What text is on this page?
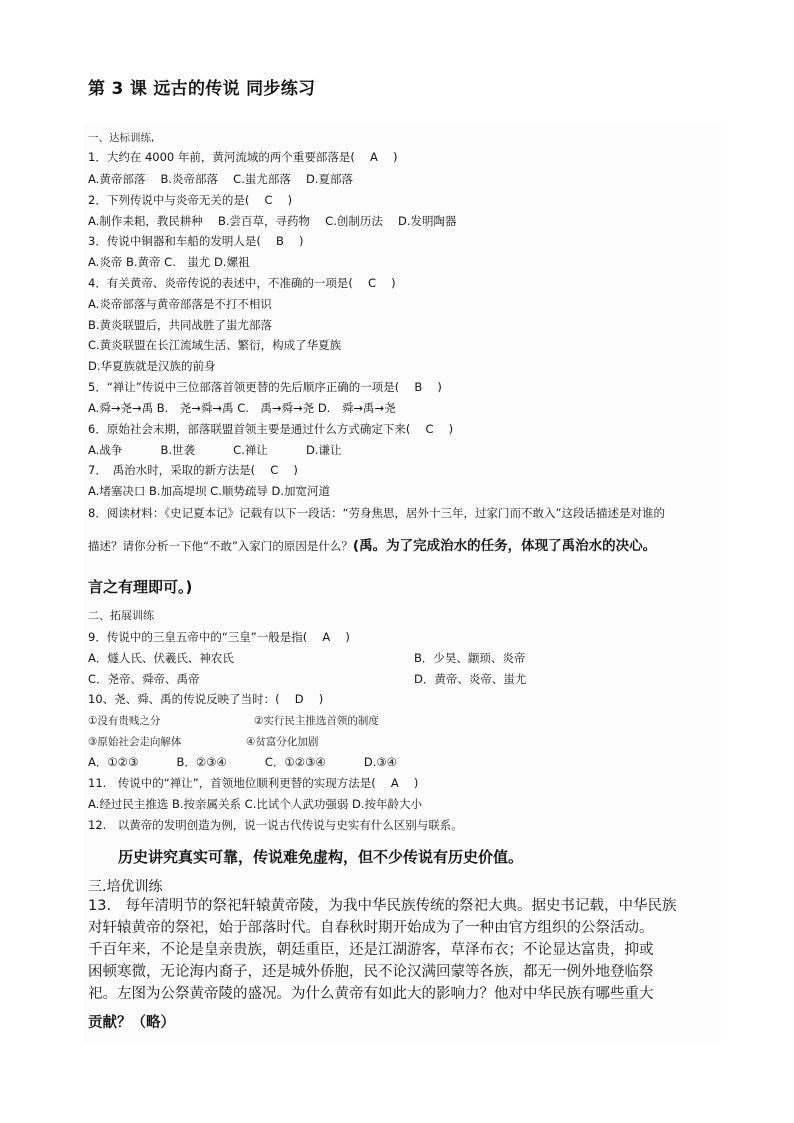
第 3 课 远古的传说 同步练习
一、达标训练,
1．大约在 4000 年前，黄河流域的两个重要部落是(　 A 　)
A.黄帝部落　 B.炎帝部落　 C.蚩尤部落　 D.夏部落
2．下列传说中与炎帝无关的是(　 C 　)
A.制作耒耜，教民耕种　 B.尝百草，寻药物　 C.创制历法　 D.发明陶器
3．传说中铜器和车船的发明人是(　 B 　)
A.炎帝 B.黄帝 C.　蚩尤 D.嫘祖
4．有关黄帝、炎帝传说的表述中，不准确的一项是(　 C 　)
A.炎帝部落与黄帝部落是不打不相识
B.黄炎联盟后，共同战胜了蚩尤部落
C.黄炎联盟在长江流域生活、繁衍，构成了华夏族
D.华夏族就是汉族的前身
5．“禅让”传说中三位部落首领更替的先后顺序正确的一项是(　 B 　)
A.舜→尧→禹 B.　尧→舜→禹 C.　禹→舜→尧 D.　舜→禹→尧
6．原始社会末期，部落联盟首领主要是通过什么方式确定下来(　 C 　)
A.战争　　　 B.世袭　　　 C.禅让　　　 D.谦让
7．　禹治水时，采取的新方法是(　 C 　)
A.堵塞决口 B.加高堤坝 C.顺势疏导 D.加宽河道
8．阅读材料：《史记夏本记》记载有以下一段话：“劳身焦思，居外十三年，过家门而不敢入”这段话描述是对谁的
描述？请你分析一下他“不敢”入家门的原因是什么？(禹。为了完成治水的任务，体现了禹治水的决心。
言之有理即可。)
二、拓展训练
9．传说中的三皇五帝中的“三皇”一般是指(　 A 　)
A．燧人氏、伏羲氏、神农氏	B．少昊、颛顼、炎帝
C．尧帝、舜帝、禹帝	D．黄帝、炎帝、蚩尤
10、尧、舜、禹的传说反映了当时：(　 D 　)
①没有贵贱之分	②实行民主推选首领的制度
③原始社会走向解体	④贫富分化加剧
A．①②③　　　 B．②③④　　　 C．①②③④　　　 D.③④
11.　传说中的“禅让”，首领地位顺利更替的实现方法是(　 A 　)
A.经过民主推选 B.按亲属关系 C.比试个人武功强弱 D.按年龄大小
12.　以黄帝的发明创造为例，说一说古代传说与史实有什么区别与联系。
历史讲究真实可靠，传说难免虚构，但不少传说有历史价值。
三.培优训练
13.　每年清明节的祭祀轩辕黄帝陵，为我中华民族传统的祭祀大典。据史书记载，中华民族
对轩辕黄帝的祭祀，始于部落时代。自春秋时期开始成为了一种由官方组织的公祭活动。
千百年来，不论是皇亲贵族，朝廷重臣，还是江湖游客，草泽布衣；不论显达富贵，抑或
困顿寒微，无论海内裔子，还是城外侨胞，民不论汉满回蒙等各族，都无一例外地登临祭
祀。左图为公祭黄帝陵的盛况。为什么黄帝有如此大的影响力？他对中华民族有哪些重大
贡献？（略）
